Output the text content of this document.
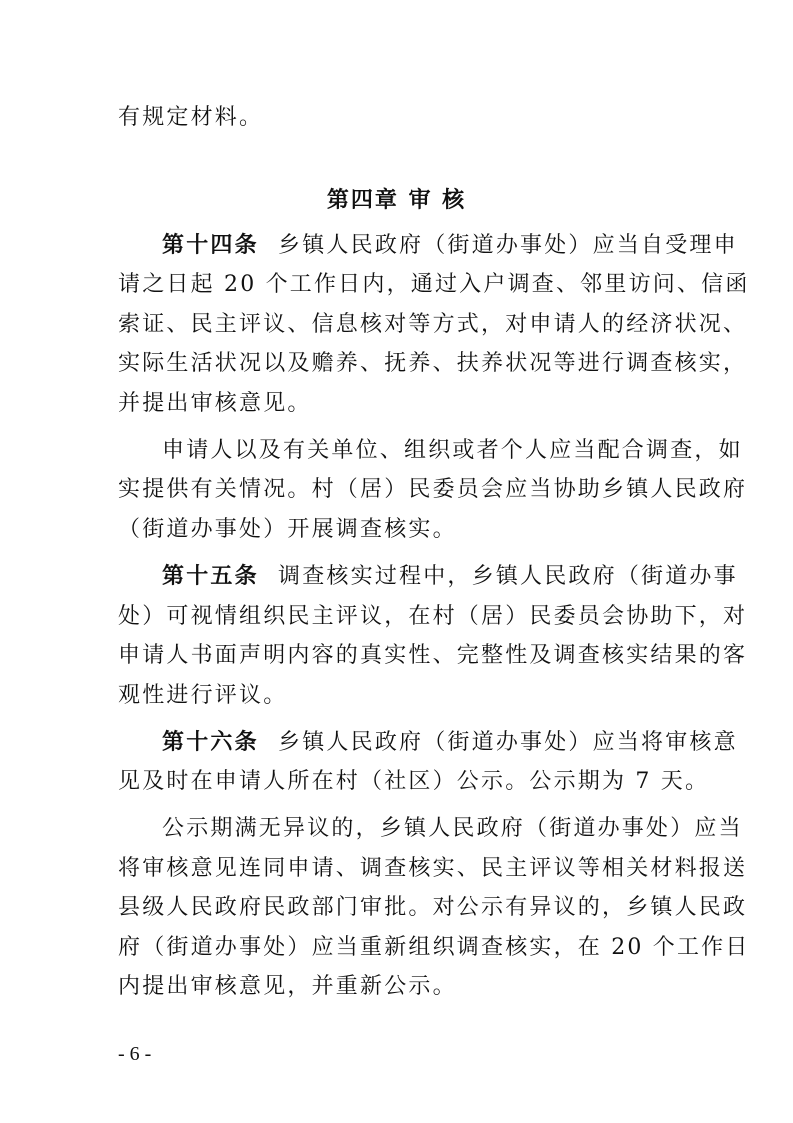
有规定材料。
第四章 审 核
第十四条 乡镇人民政府（街道办事处）应当自受理申
请之日起 20 个工作日内，通过入户调查、邻里访问、信函
索证、民主评议、信息核对等方式，对申请人的经济状况、
实际生活状况以及赡养、抚养、扶养状况等进行调查核实，
并提出审核意见。
申请人以及有关单位、组织或者个人应当配合调查，如
实提供有关情况。村（居）民委员会应当协助乡镇人民政府
（街道办事处）开展调查核实。
第十五条 调查核实过程中，乡镇人民政府（街道办事
处）可视情组织民主评议，在村（居）民委员会协助下，对
申请人书面声明内容的真实性、完整性及调查核实结果的客
观性进行评议。
第十六条 乡镇人民政府（街道办事处）应当将审核意
见及时在申请人所在村（社区）公示。公示期为 7 天。
公示期满无异议的，乡镇人民政府（街道办事处）应当
将审核意见连同申请、调查核实、民主评议等相关材料报送
县级人民政府民政部门审批。对公示有异议的，乡镇人民政
府（街道办事处）应当重新组织调查核实，在 20 个工作日
内提出审核意见，并重新公示。
- 6 -
